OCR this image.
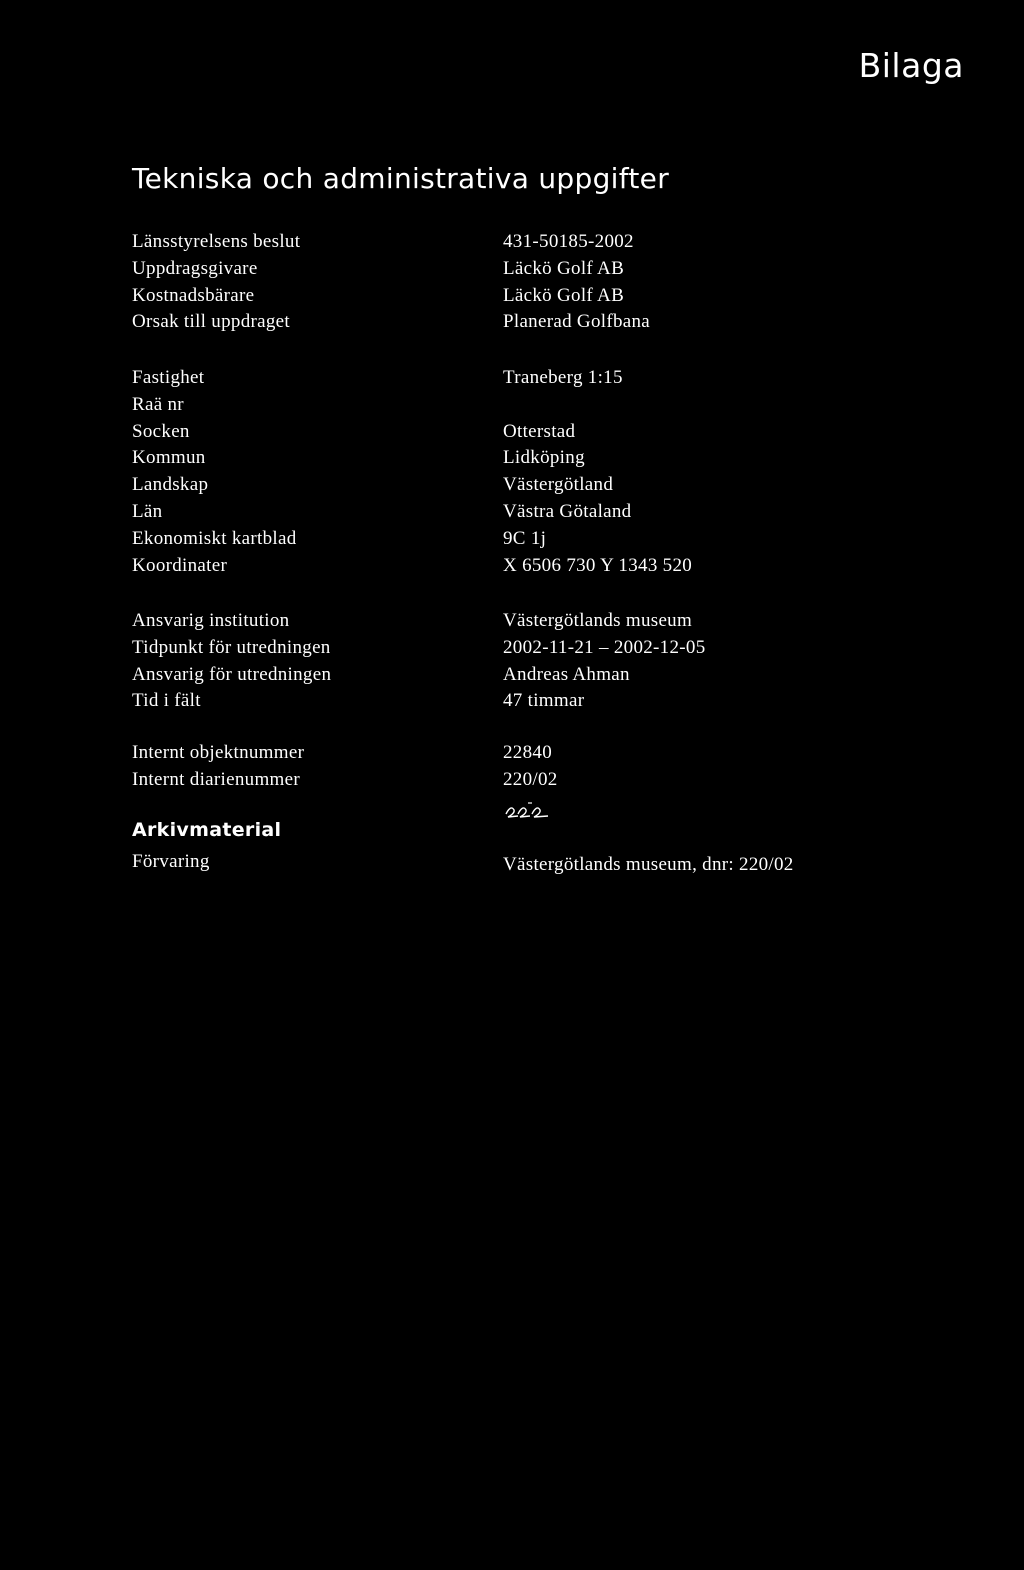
Bilaga
Tekniska och administrativa uppgifter
Länsstyrelsens beslut	431-50185-2002
Uppdragsgivare	Läckö Golf AB
Kostnadsbärare	Läckö Golf AB
Orsak till uppdraget	Planerad Golfbana
Fastighet	Traneberg 1:15
Raä nr
Socken	Otterstad
Kommun	Lidköping
Landskap	Västergötland
Län	Västra Götaland
Ekonomiskt kartblad	9C 1j
Koordinater	X 6506 730 Y 1343 520
Ansvarig institution	Västergötlands museum
Tidpunkt för utredningen	2002-11-21 – 2002-12-05
Ansvarig för utredningen	Andreas Ahman
Tid i fält	47 timmar
Internt objektnummer	22840
Internt diarienummer	220/02
Arkivmaterial
Förvaring	Västergötlands museum, dnr: 220/02
